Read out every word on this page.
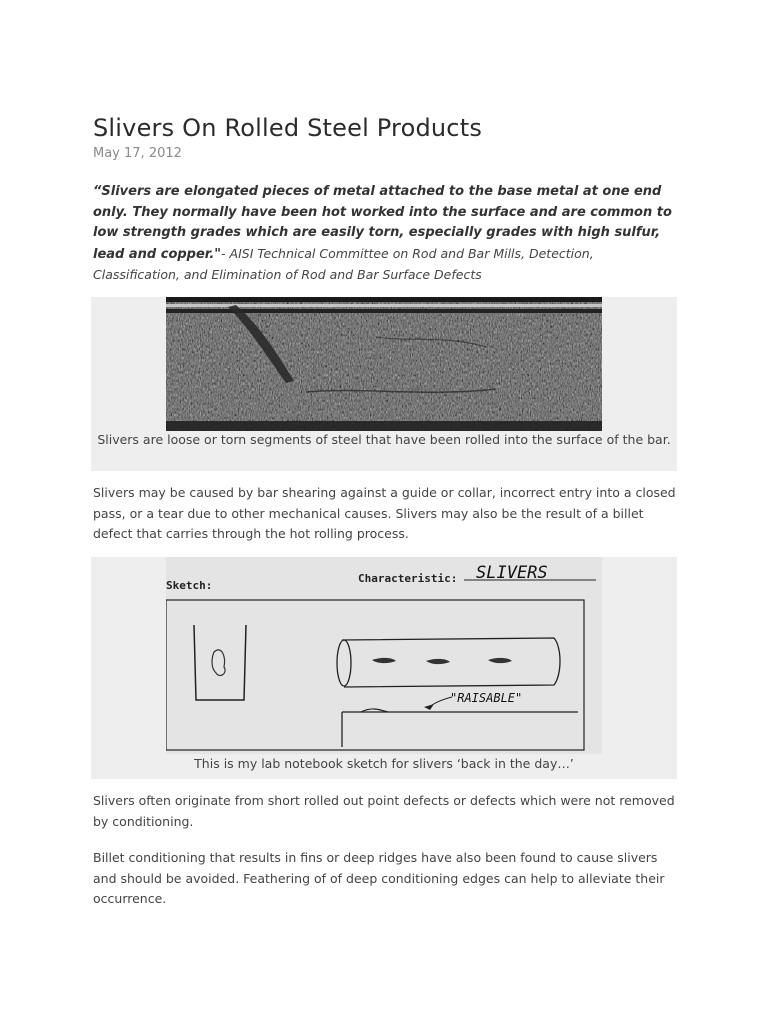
Slivers On Rolled Steel Products
May 17, 2012
“Slivers are elongated pieces of metal attached to the base metal at one end only. They normally have been hot worked into the surface and are common to low strength grades which are easily torn, especially grades with high sulfur, lead and copper."- AISI Technical Committee on Rod and Bar Mills, Detection, Classification, and Elimination of Rod and Bar Surface Defects
Slivers are loose or torn segments of steel that have been rolled into the surface of the bar.
Slivers may be caused by bar shearing against a guide or collar, incorrect entry into a closed pass, or a tear due to other mechanical causes. Slivers may also be the result of a billet defect that carries through the hot rolling process.
Sketch:
Characteristic: SLIVERS
"RAISABLE"
This is my lab notebook sketch for slivers ‘back in the day…’
Slivers often originate from short rolled out point defects or defects which were not removed by conditioning.
Billet conditioning that results in fins or deep ridges have also been found to cause slivers and should be avoided. Feathering of of deep conditioning edges can help to alleviate their occurrence.
